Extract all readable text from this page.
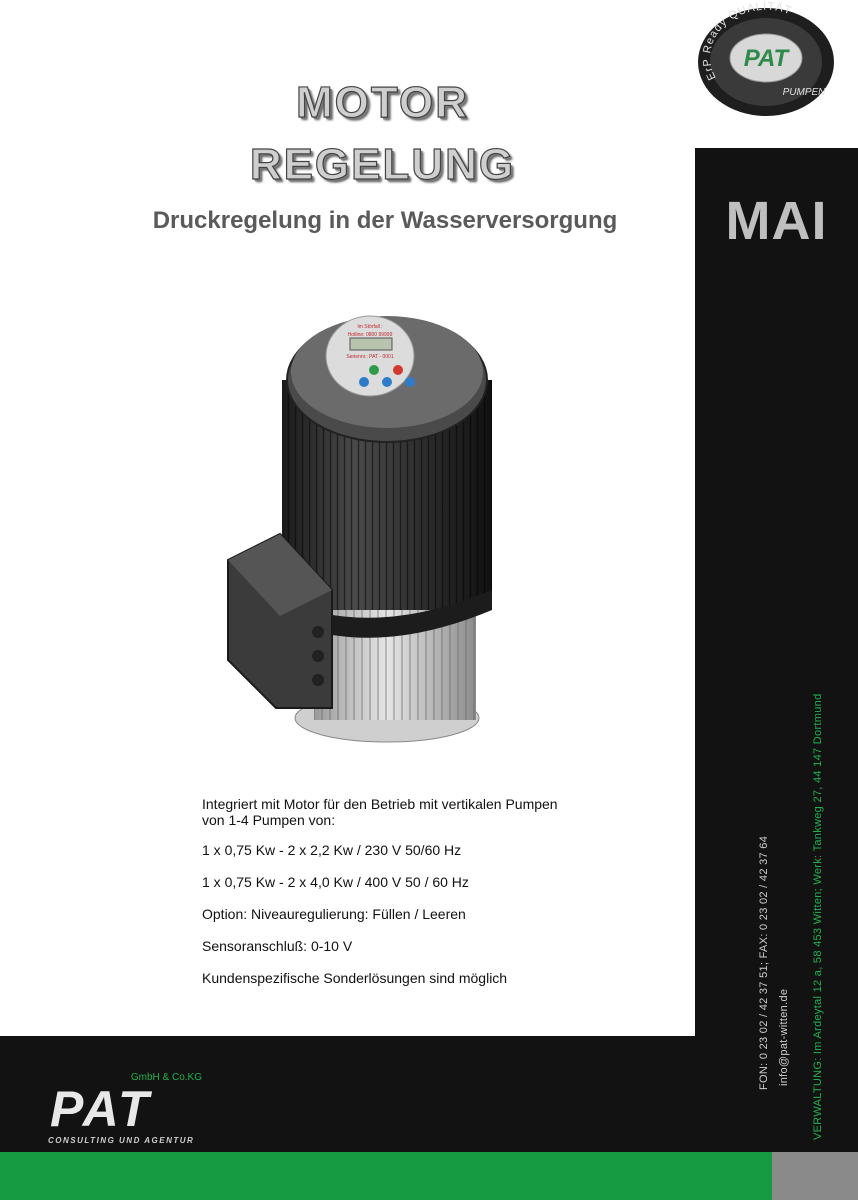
PAT
ErP Ready QUALITÄT
PUMPEN
MOTOR
REGELUNG
Druckregelung in der Wasserversorgung	MAI
Im Störfall :
Hotline: 0800 99999
Seriennr.: PAT - 0001

Integriert mit Motor für den Betrieb mit vertikalen Pumpen

von 1-4 Pumpen von:

1 x 0,75 Kw - 2 x 2,2 Kw / 230 V 50/60 Hz

1 x 0,75 Kw - 2 x 4,0 Kw / 400 V 50 / 60 Hz

Option: Niveauregulierung: Füllen / Leeren

Sensoranschluß: 0-10 V

Kundenspezifische Sonderlösungen sind möglich

GmbH & Co.KG
PAT
CONSULTING UND AGENTUR
FON: 0 23 02 / 42 37 51; FAX: 0 23 02 / 42 37 64 info@pat-witten.de VERWALTUNG: Im Ardeytal 12 a, 58 453 Witten; Werk: Tankweg 27, 44 147 Dortmund
